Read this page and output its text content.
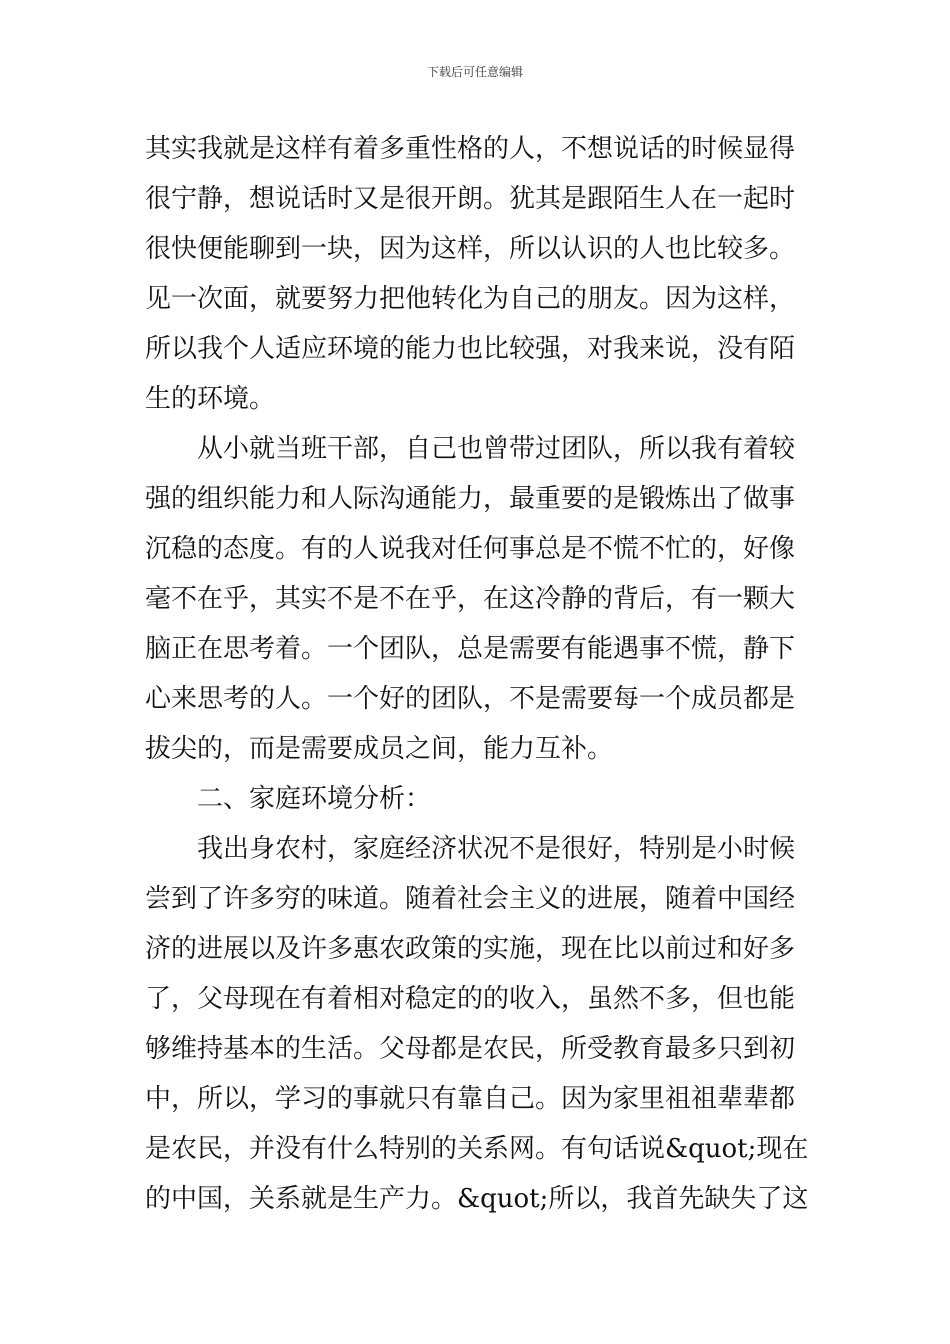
下载后可任意编辑
其实我就是这样有着多重性格的人，不想说话的时候显得
很宁静，想说话时又是很开朗。犹其是跟陌生人在一起时
很快便能聊到一块，因为这样，所以认识的人也比较多。
见一次面，就要努力把他转化为自己的朋友。因为这样，
所以我个人适应环境的能力也比较强，对我来说，没有陌
生的环境。
　　从小就当班干部，自己也曾带过团队，所以我有着较
强的组织能力和人际沟通能力，最重要的是锻炼出了做事
沉稳的态度。有的人说我对任何事总是不慌不忙的，好像
毫不在乎，其实不是不在乎，在这冷静的背后，有一颗大
脑正在思考着。一个团队，总是需要有能遇事不慌，静下
心来思考的人。一个好的团队，不是需要每一个成员都是
拔尖的，而是需要成员之间，能力互补。
　　二、家庭环境分析：
　　我出身农村，家庭经济状况不是很好，特别是小时候
尝到了许多穷的味道。随着社会主义的进展，随着中国经
济的进展以及许多惠农政策的实施，现在比以前过和好多
了，父母现在有着相对稳定的的收入，虽然不多，但也能
够维持基本的生活。父母都是农民，所受教育最多只到初
中，所以，学习的事就只有靠自己。因为家里祖祖辈辈都
是农民，并没有什么特别的关系网。有句话说&quot;现在
的中国，关系就是生产力。&quot;所以，我首先缺失了这
